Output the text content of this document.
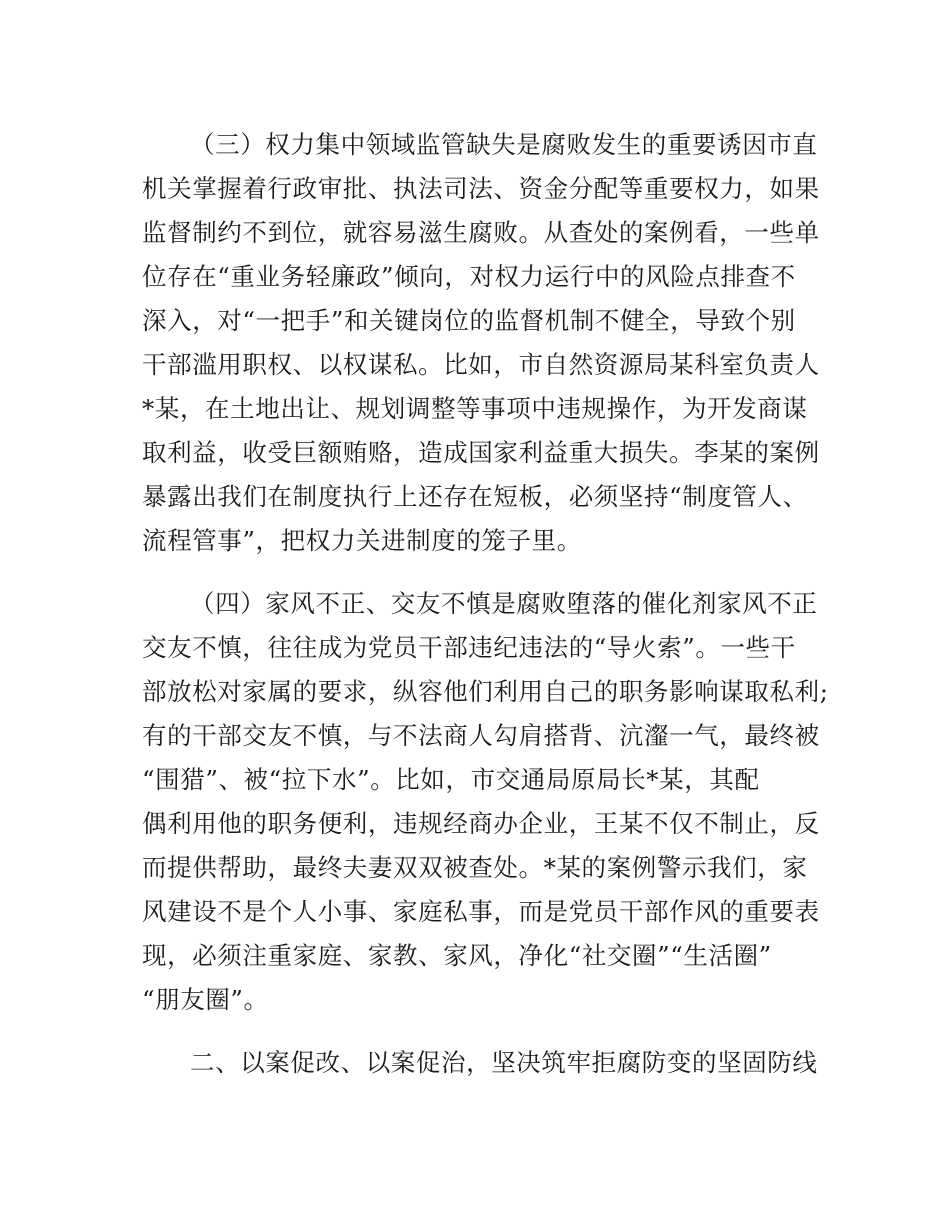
（三）权力集中领域监管缺失是腐败发生的重要诱因市直
机关掌握着行政审批、执法司法、资金分配等重要权力，如果
监督制约不到位，就容易滋生腐败。从查处的案例看，一些单
位存在“重业务轻廉政”倾向，对权力运行中的风险点排查不
深入，对“一把手”和关键岗位的监督机制不健全，导致个别
干部滥用职权、以权谋私。比如，市自然资源局某科室负责人
*某，在土地出让、规划调整等事项中违规操作，为开发商谋
取利益，收受巨额贿赂，造成国家利益重大损失。李某的案例
暴露出我们在制度执行上还存在短板，必须坚持“制度管人、
流程管事”，把权力关进制度的笼子里。
（四）家风不正、交友不慎是腐败堕落的催化剂家风不正
交友不慎，往往成为党员干部违纪违法的“导火索”。一些干
部放松对家属的要求，纵容他们利用自己的职务影响谋取私利;
有的干部交友不慎，与不法商人勾肩搭背、沆瀣一气，最终被
“围猎”、被“拉下水”。比如，市交通局原局长*某，其配
偶利用他的职务便利，违规经商办企业，王某不仅不制止，反
而提供帮助，最终夫妻双双被查处。*某的案例警示我们，家
风建设不是个人小事、家庭私事，而是党员干部作风的重要表
现，必须注重家庭、家教、家风，净化“社交圈”“生活圈”
“朋友圈”。
二、以案促改、以案促治，坚决筑牢拒腐防变的坚固防线
